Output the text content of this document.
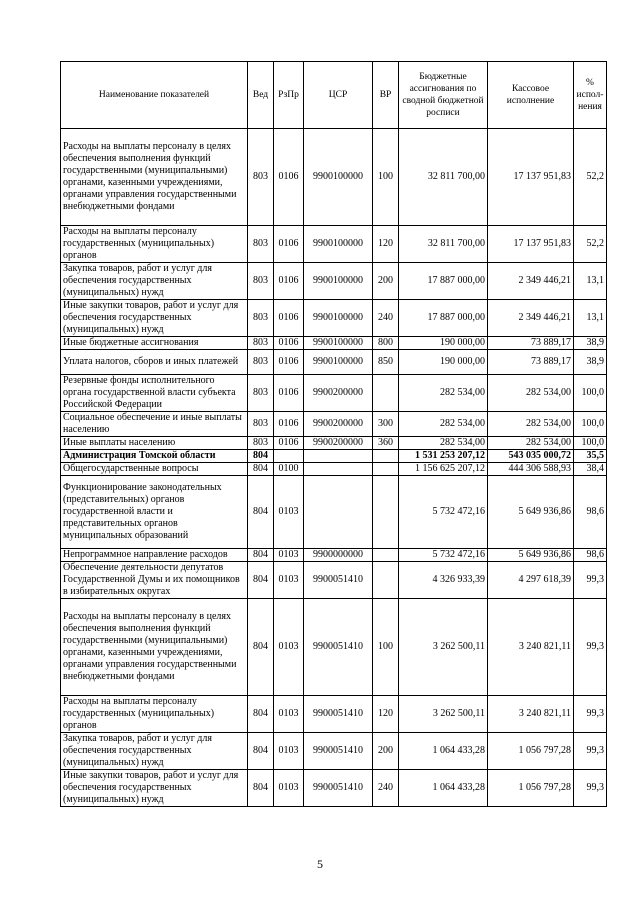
Наименование показателей	Вед	РзПр	ЦСР	ВР	Бюджетные ассигнования по сводной бюджетной росписи	Кассовое исполнение	% испол-нения
Расходы на выплаты персоналу в целях обеспечения выполнения функций государственными (муниципальными) органами, казенными учреждениями, органами управления государственными внебюджетными фондами	803	0106	9900100000	100	32 811 700,00	17 137 951,83	52,2
Расходы на выплаты персоналу государственных (муниципальных) органов	803	0106	9900100000	120	32 811 700,00	17 137 951,83	52,2
Закупка товаров, работ и услуг для обеспечения государственных (муниципальных) нужд	803	0106	9900100000	200	17 887 000,00	2 349 446,21	13,1
Иные закупки товаров, работ и услуг для обеспечения государственных (муниципальных) нужд	803	0106	9900100000	240	17 887 000,00	2 349 446,21	13,1
Иные бюджетные ассигнования	803	0106	9900100000	800	190 000,00	73 889,17	38,9
Уплата налогов, сборов и иных платежей	803	0106	9900100000	850	190 000,00	73 889,17	38,9
Резервные фонды исполнительного органа государственной власти субъекта Российской Федерации	803	0106	9900200000		282 534,00	282 534,00	100,0
Социальное обеспечение и иные выплаты населению	803	0106	9900200000	300	282 534,00	282 534,00	100,0
Иные выплаты населению	803	0106	9900200000	360	282 534,00	282 534,00	100,0
Администрация Томской области	804				1 531 253 207,12	543 035 000,72	35,5
Общегосударственные вопросы	804	0100			1 156 625 207,12	444 306 588,93	38,4
Функционирование законодательных (представительных) органов государственной власти и представительных органов муниципальных образований	804	0103			5 732 472,16	5 649 936,86	98,6
Непрограммное направление расходов	804	0103	9900000000		5 732 472,16	5 649 936,86	98,6
Обеспечение деятельности депутатов Государственной Думы и их помощников в избирательных округах	804	0103	9900051410		4 326 933,39	4 297 618,39	99,3
Расходы на выплаты персоналу в целях обеспечения выполнения функций государственными (муниципальными) органами, казенными учреждениями, органами управления государственными внебюджетными фондами	804	0103	9900051410	100	3 262 500,11	3 240 821,11	99,3
Расходы на выплаты персоналу государственных (муниципальных) органов	804	0103	9900051410	120	3 262 500,11	3 240 821,11	99,3
Закупка товаров, работ и услуг для обеспечения государственных (муниципальных) нужд	804	0103	9900051410	200	1 064 433,28	1 056 797,28	99,3
Иные закупки товаров, работ и услуг для обеспечения государственных (муниципальных) нужд	804	0103	9900051410	240	1 064 433,28	1 056 797,28	99,3
5
